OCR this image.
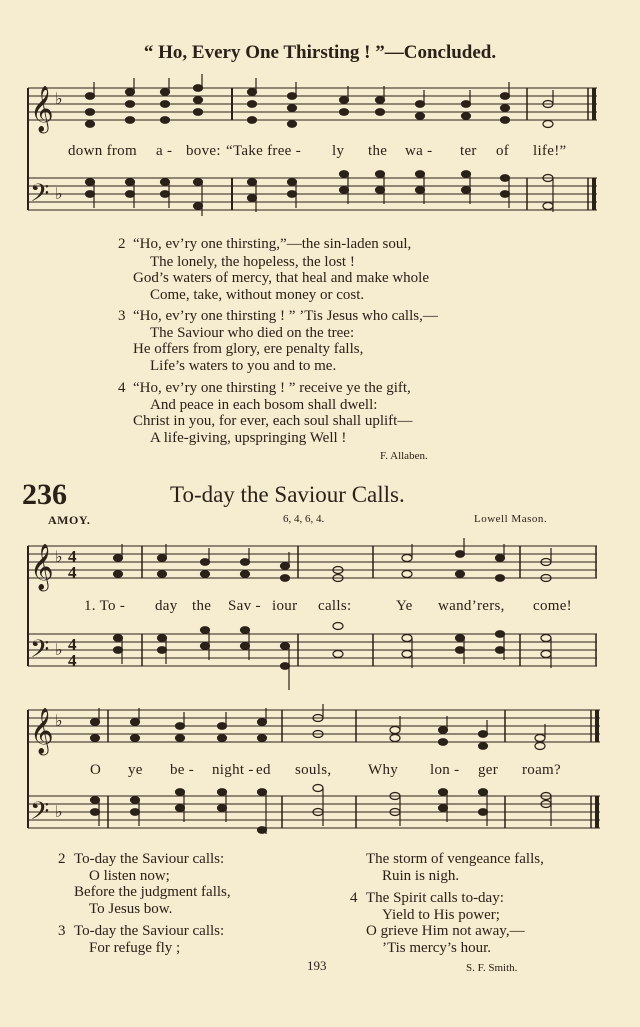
“ Ho, Every One Thirsting ! ”—Concluded.
𝄞 ♭
𝄢 ♭
𝄞 ♭ 4
4
𝄢 ♭ 4
4
𝄞 ♭
𝄢 ♭
down from a - bove: “Take free - ly the wa - ter of life!”
2 “Ho, ev’ry one thirsting,”—the sin-laden soul,
The lonely, the hopeless, the lost !
God’s waters of mercy, that heal and make whole
Come, take, without money or cost.
3 “Ho, ev’ry one thirsting ! ” ’Tis Jesus who calls,—
The Saviour who died on the tree:
He offers from glory, ere penalty falls,
Life’s waters to you and to me.
4 “Ho, ev’ry one thirsting ! ” receive ye the gift,
And peace in each bosom shall dwell:
Christ in you, for ever, each soul shall uplift—
A life-giving, upspringing Well !
F. Allaben.
236	To-day the Saviour Calls.
AMOY.	6, 4, 6, 4.	Lowell Mason.
1. To - day the Sav - iour calls:	Ye wand’rers, come!
O ye be - night - ed souls, Why lon - ger roam?
2 To-day the Saviour calls:
O listen now;
Before the judgment falls,
To Jesus bow.
3 To-day the Saviour calls:
For refuge fly ;
The storm of vengeance falls,
Ruin is nigh.
4 The Spirit calls to-day:
Yield to His power;
O grieve Him not away,—
’Tis mercy’s hour.
193	S. F. Smith.
